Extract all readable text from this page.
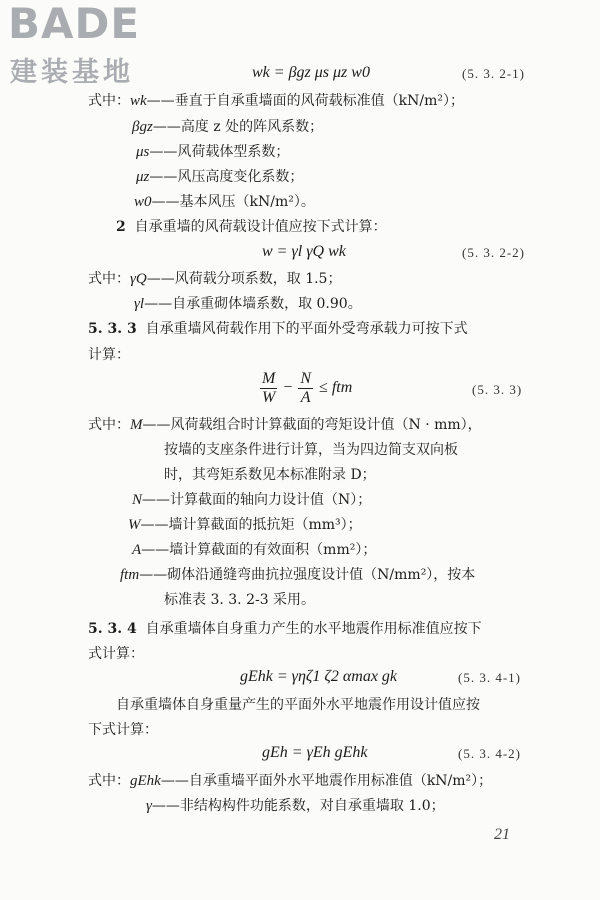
BADE
建装基地	wk = βgz μs μz w0	(5. 3. 2-1)
式中：wk——垂直于自承重墙面的风荷载标准值（kN/m²）；
βgz——高度 z 处的阵风系数；
μs——风荷载体型系数；
μz——风压高度变化系数；
w0——基本风压（kN/m²）。
2 自承重墙的风荷载设计值应按下式计算：
w = γl γQ wk	(5. 3. 2-2)
式中：γQ——风荷载分项系数，取 1.5；
γl——自承重砌体墙系数，取 0.90。
5. 3. 3 自承重墙风荷载作用下的平面外受弯承载力可按下式
计算：
$\frac{M}{W} - \frac{N}{A}$ ≤ ftm	(5. 3. 3)
式中：M——风荷载组合时计算截面的弯矩设计值（N · mm），
按墙的支座条件进行计算，当为四边简支双向板
时，其弯矩系数见本标准附录 D；
N——计算截面的轴向力设计值（N）；
W——墙计算截面的抵抗矩（mm³）；
A——墙计算截面的有效面积（mm²）；
ftm——砌体沿通缝弯曲抗拉强度设计值（N/mm²），按本
标准表 3. 3. 2-3 采用。
5. 3. 4 自承重墙体自身重力产生的水平地震作用标准值应按下
式计算：
gEhk = γηζ1 ζ2 αmax gk	(5. 3. 4-1)
自承重墙体自身重量产生的平面外水平地震作用设计值应按
下式计算：
gEh = γEh gEhk	(5. 3. 4-2)
式中：gEhk——自承重墙平面外水平地震作用标准值（kN/m²）；
γ——非结构构件功能系数，对自承重墙取 1.0；
21
